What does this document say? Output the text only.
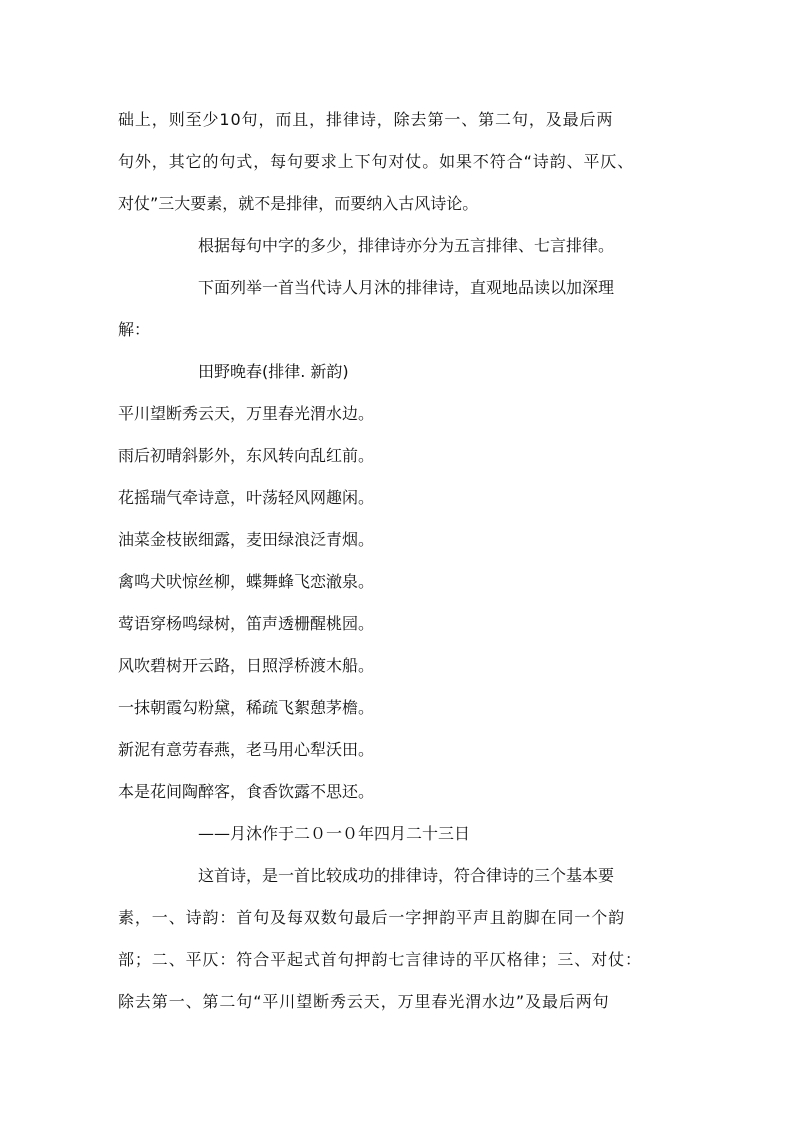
础上，则至少10句，而且，排律诗，除去第一、第二句，及最后两
句外，其它的句式，每句要求上下句对仗。如果不符合“诗韵、平仄、
对仗”三大要素，就不是排律，而要纳入古风诗论。
根据每句中字的多少，排律诗亦分为五言排律、七言排律。
下面列举一首当代诗人月沐的排律诗，直观地品读以加深理
解：
田野晚春(排律. 新韵)
平川望断秀云天，万里春光渭水边。
雨后初晴斜影外，东风转向乱红前。
花摇瑞气牵诗意，叶荡轻风网趣闲。
油菜金枝嵌细露，麦田绿浪泛青烟。
禽鸣犬吠惊丝柳，蝶舞蜂飞恋澈泉。
莺语穿杨鸣绿树，笛声透栅醒桃园。
风吹碧树开云路，日照浮桥渡木船。
一抹朝霞勾粉黛，稀疏飞絮憩茅檐。
新泥有意劳春燕，老马用心犁沃田。
本是花间陶醉客，食香饮露不思还。
——月沐作于二０一０年四月二十三日
这首诗，是一首比较成功的排律诗，符合律诗的三个基本要
素，一、诗韵：首句及每双数句最后一字押韵平声且韵脚在同一个韵
部；二、平仄：符合平起式首句押韵七言律诗的平仄格律；三、对仗：
除去第一、第二句“平川望断秀云天，万里春光渭水边”及最后两句
